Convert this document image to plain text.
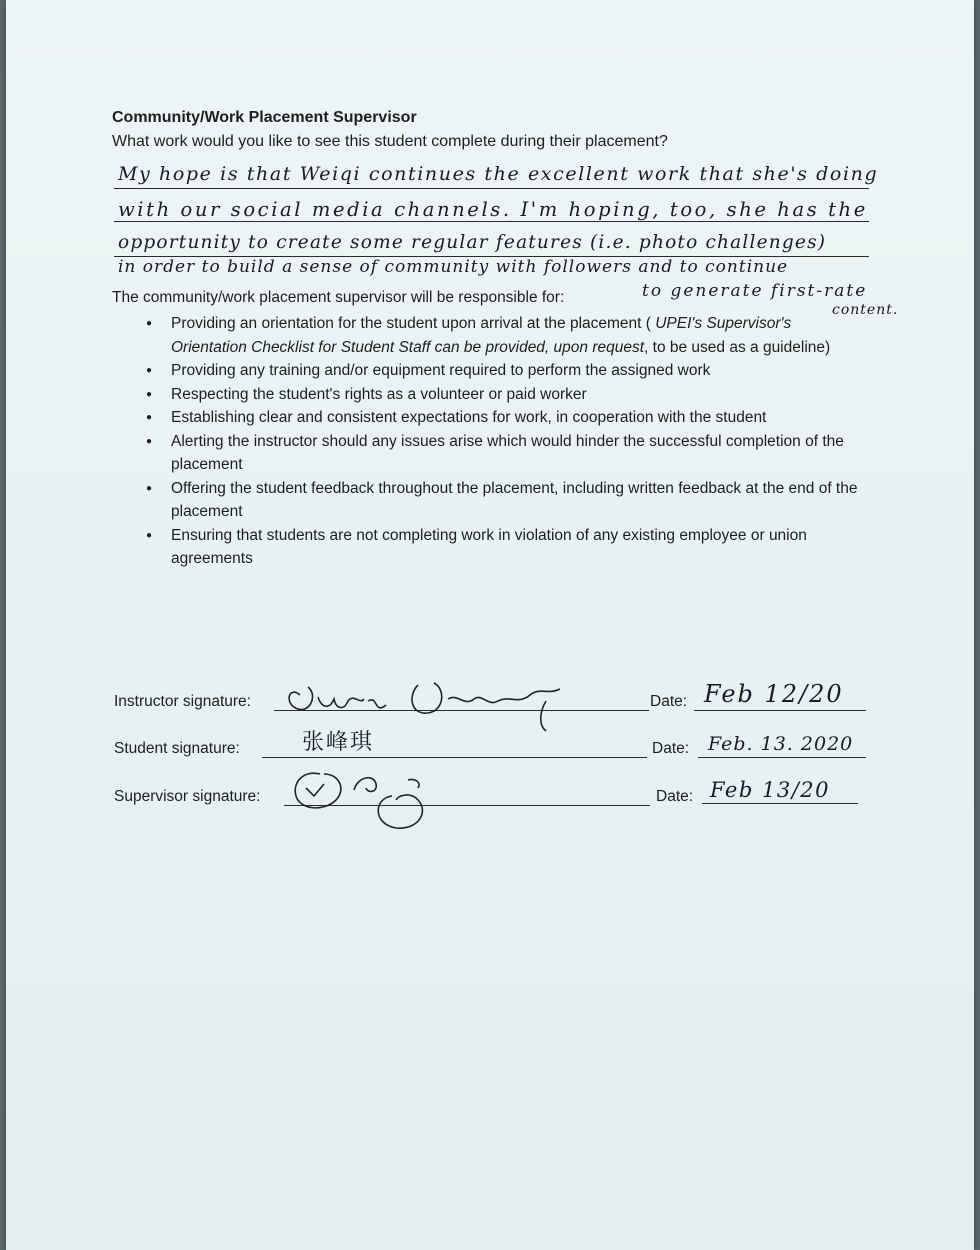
Community/Work Placement Supervisor
What work would you like to see this student complete during their placement?
My hope is that Weiqi continues the excellent work that she's doing
with our social media channels. I'm hoping, too, she has the
opportunity to create some regular features (i.e. photo challenges)
in order to build a sense of community with followers and to continue
to generate first-rate
content.
The community/work placement supervisor will be responsible for:
● Providing an orientation for the student upon arrival at the placement ( UPEI's Supervisor's Orientation Checklist for Student Staff can be provided, upon request, to be used as a guideline)
● Providing any training and/or equipment required to perform the assigned work
● Respecting the student's rights as a volunteer or paid worker
● Establishing clear and consistent expectations for work, in cooperation with the student
● Alerting the instructor should any issues arise which would hinder the successful completion of the placement
● Offering the student feedback throughout the placement, including written feedback at the end of the placement
● Ensuring that students are not completing work in violation of any existing employee or union agreements
Instructor signature:	Date: Feb 12/20
Student signature:	张峰琪	Date: Feb. 13. 2020
Supervisor signature:	Date: Feb 13/20
